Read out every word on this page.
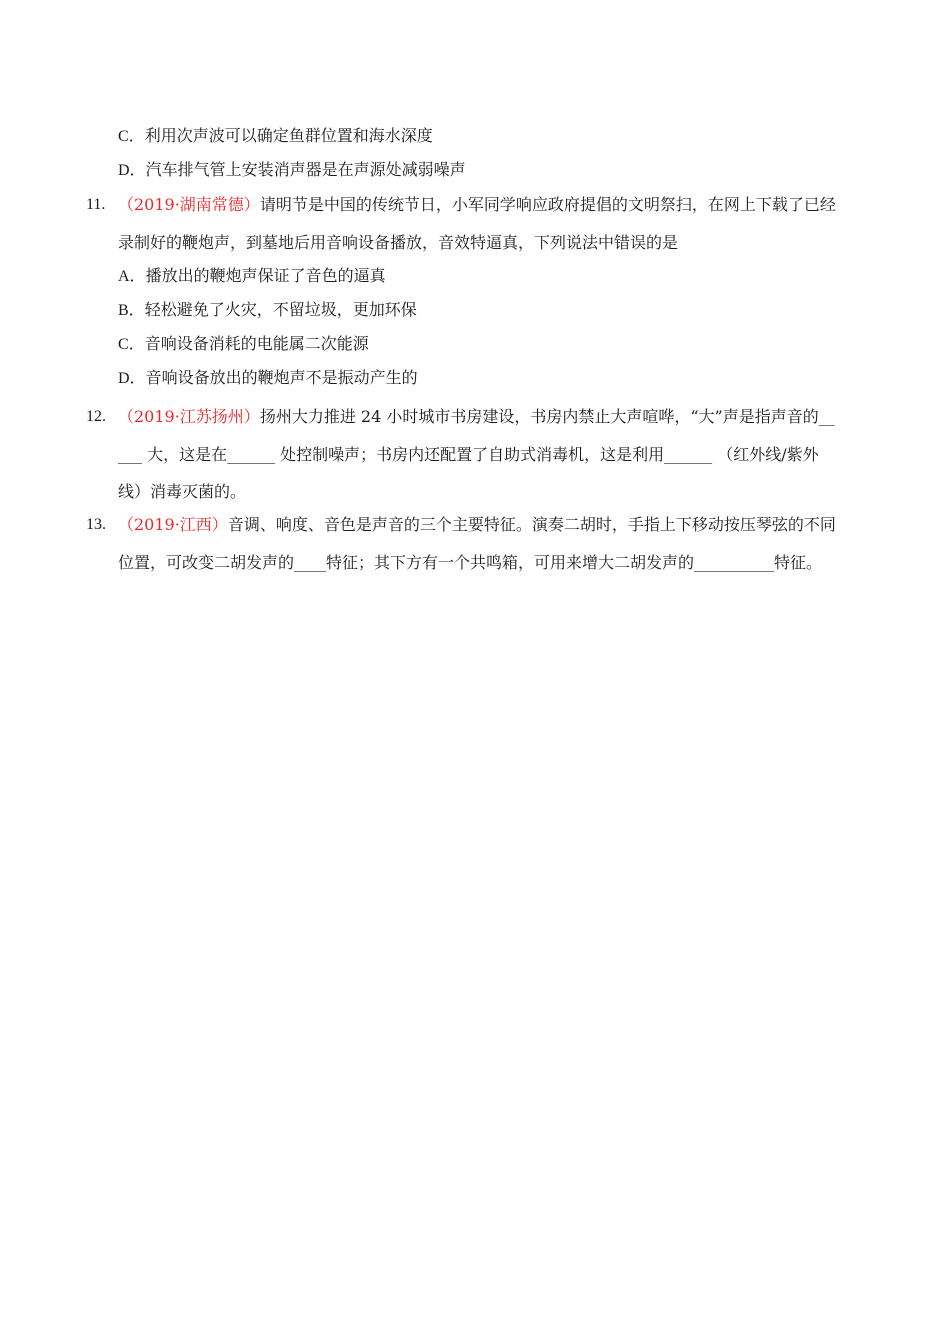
C．利用次声波可以确定鱼群位置和海水深度
D．汽车排气管上安装消声器是在声源处减弱噪声
11. （2019·湖南常德）请明节是中国的传统节日，小军同学响应政府提倡的文明祭扫，在网上下载了已经
录制好的鞭炮声，到墓地后用音响设备播放，音效特逼真，下列说法中错误的是
A．播放出的鞭炮声保证了音色的逼真
B．轻松避免了火灾，不留垃圾，更加环保
C．音响设备消耗的电能属二次能源
D．音响设备放出的鞭炮声不是振动产生的
12. （2019·江苏扬州）扬州大力推进 24 小时城市书房建设，书房内禁止大声喧哗，“大”声是指声音的__
___ 大，这是在______ 处控制噪声；书房内还配置了自助式消毒机，这是利用______ （红外线/紫外
线）消毒灭菌的。
13. （2019·江西）音调、响度、音色是声音的三个主要特征。演奏二胡时，手指上下移动按压琴弦的不同
位置，可改变二胡发声的____特征；其下方有一个共鸣箱，可用来增大二胡发声的__________特征。
